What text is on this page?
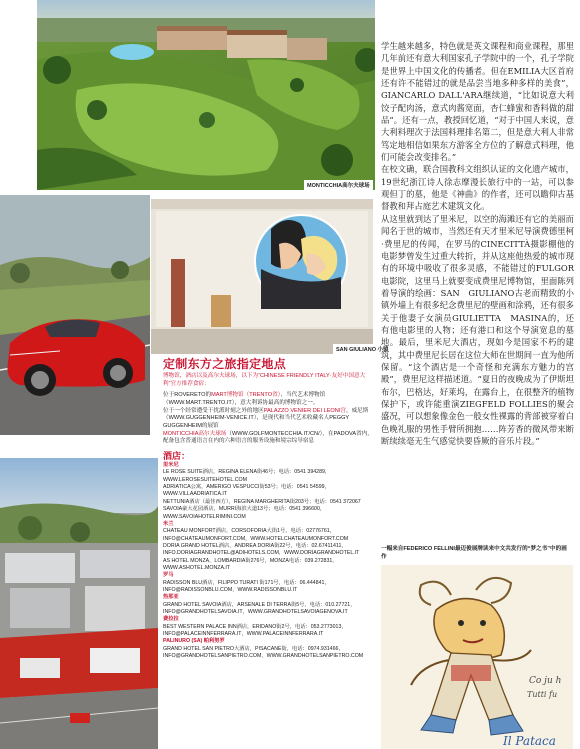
MONTICCHIA高尔夫球场
SAN GIULIANO 小镇

学生越来越多，特色就是英文课程和商业课程，那里几年前还有意大利国家孔子学院中的一个，孔子学院是世界上中国文化的传播者。但在EMILIA大区首府还有许不能错过的就是品尝当地多种多样的美食”，GIANCARLO DALL'ARA继续道，“比如说意大利饺子配肉汤，意式肉酱宽面，杏仁蜂蜜和香料做的甜品”。还有一点，教授回忆道，“对于中国人来说，意大利料理次于法国料理排名第二，但是意大利人非常笃定地相信如果东方游客全方位的了解意式料理，他们可能会改变排名。”

在校文确，联合国教科文组织认证的文化遗产城市，19世纪浙江诗人徐志摩漫长旅行中的一站，可以参观但丁的墓，他是《神曲》的作者，还可以瞻仰古基督教和拜占庭艺术建筑文化。

从这里就到达了里米尼，以空的海滩还有它的美丽而闻名于世的城市，当然还有天才里米尼导演费德里柯·费里尼的传闻，在罗马的CINECITTÀ摄影棚他的电影梦曾发生过重大转折，并从这座他热爱的城市现有的环境中吸收了很多灵感，不能错过的FULGOR电影院，这里马上就要变成费里尼博物馆，里面陈列着导演的绘画：SAN　GIULIANO古老而精致的小镇外墙上有很多纪念费里尼的壁画和涂鸦，还有很多关于他妻子女演员GIULIETTA　MASINA的，还有他电影里的人物；还有港口和这个导演宽息的墓地。最后，里米尼大酒店，现如今是国家不朽的建筑，其中费里尼长居在这位大师在世期间一直为他所保留。“这个酒店是一个奇怪和充满东方魅力的宫殿”，费里尼这样描述道。“夏日的夜晚成为了伊斯坦布尔，巴格达，好莱坞，在露台上，在很整齐的植物保护下，或许能重演ZIEGFELD FOLLIES的聚会盛况，可以想象像金色一般女性裸露的背部被穿着白色晚礼服的男性手臂所拥抱……阵芳香的微风带来断断续续毫无生气感觉快要昏厥的音乐片段。”

定制东方之旅指定地点
博物馆，酒店以及高尔夫球场，以下为“CHINESE FRIENDLY ITALY·友好中国意大利”官方推荐食宿：

位于ROVERETO的MART博物馆（TRENTO省），当代艺术博物馆（WWW.MART.TRENTO.IT），意大利诉协最高的博物馆之一。

位于一个经常遭受干扰派时刻之外的地区PALAZZO VENIER DEI LEONI宫，威尼斯（WWW.GUGGENHEIM-VENICE.IT），是现代和当代艺术收藏名人PEGGY GUGGENHEIM的展馆

MONTICCHIA高尔夫球场（WWW.GOLFMONTECCHIA.IT/CN/），在PADOVA省内，配备包含普通语言在内的六种语言的服务设施和境宗综导宿息

酒店：
里米尼
LE ROSE SUITE酒店，REGINA ELENA街46号；电话：0541 394289，WWW.LEROSESUITEHOTEL.COM
ADRIATICA公寓，AMERIGO VESPUCCI街53号；电话：0541 54599，WWW.VILLAADRIATICA.IT
NETTUNIA酒店（最佳西方），REGINA MARGHERITA街203号；电话：0541 372067
SAVOIA豪大花园酒店，MURRI海滨大道13号；电话：0541 396600，WWW.SAVOIAHOTELRIMINI.COM
米兰
CHATEAU MONFORT酒店，CORSOFORIA大街1号，电话：02776761，INFO@CHATEAUMONFORT.COM，WWW.HOTELCHATEAUMONFORT.COM
DORIA GRAND HOTEL酒店，ANDREA DORIA街22号，电话：02.67411411，INFO.DORIAGRANDHOTEL@ADIHOTELS.COM，WWW.DORIAGRANDHOTEL.IT
AS HOTEL MONZA，LOMBARDIA街276号，MONZA电话：039.272831，WWW.ASHOTEL.MONZA.IT
罗马
RADISSON BLU酒店，FILIPPO TURATI 街171号，电话：06.444841，INFO@RADISSONBLU.COM，WWW.RADISSONBLU.IT
热那亚
GRAND HOTEL SAVOIA酒店，ARSENALE DI TERRA街5号，电话：010.27721，INFO@GRANDHOTELSAVOIA.IT，WWW.GRANDHOTELSAVOIAGENOVA.IT
费拉拉
BEST WESTERN PALACE INN酒店，ERIDANO街2号，电话：053.2773013，INFO@PALACEINNFERRARA.IT，WWW.PALACEINNFERRARA.IT
PALINURO (SA) 帕利努罗
GRAND HOTEL SAN PIETRO大酒店，PISACANE街，电话：0974.931466，INFO@GRANDHOTELSANPIETRO.COM，WWW.GRANDHOTELSANPIETRO.COM
一幅来自FEDERICO FELLINI最迈俊展牌读来中文共发行的“梦之书”中的画作
Co ju h
Tutti fu
Il Pataca
